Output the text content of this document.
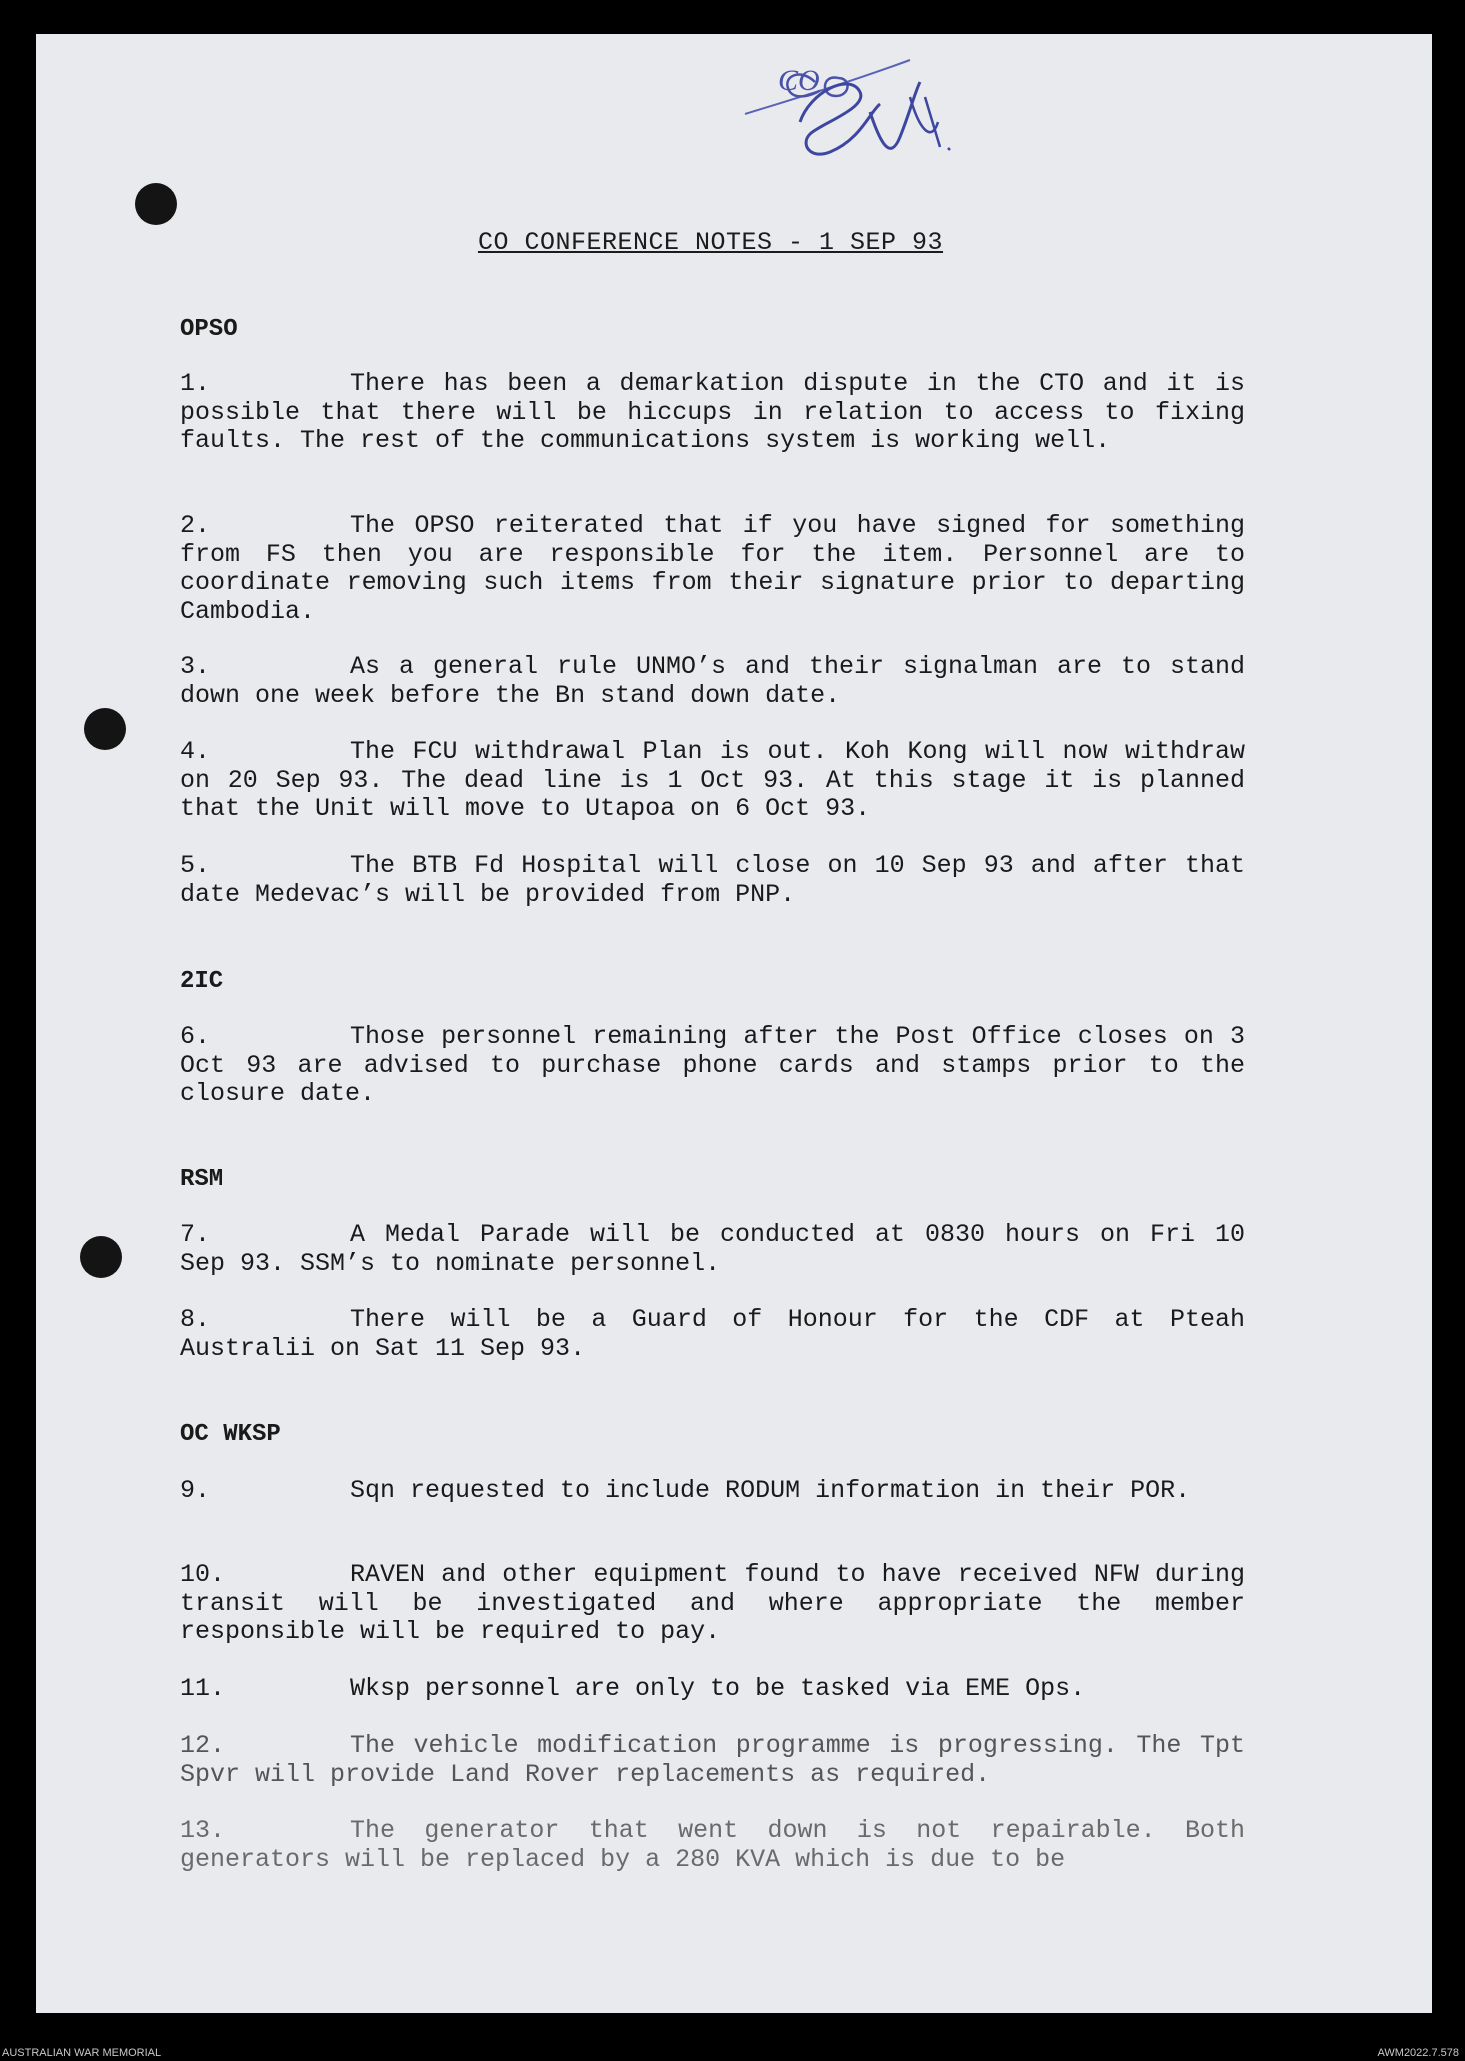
CO
CO CONFERENCE NOTES - 1 SEP 93
OPSO
1.	There has been a demarkation dispute in the CTO and it is possible that there will be hiccups in relation to access to fixing faults. The rest of the communications system is working well.
2.	The OPSO reiterated that if you have signed for something from FS then you are responsible for the item. Personnel are to coordinate removing such items from their signature prior to departing Cambodia.
3.	As a general rule UNMO’s and their signalman are to stand down one week before the Bn stand down date.
4.	The FCU withdrawal Plan is out. Koh Kong will now withdraw on 20 Sep 93. The dead line is 1 Oct 93. At this stage it is planned that the Unit will move to Utapoa on 6 Oct 93.
5.	The BTB Fd Hospital will close on 10 Sep 93 and after that date Medevac’s will be provided from PNP.
2IC
6.	Those personnel remaining after the Post Office closes on 3 Oct 93 are advised to purchase phone cards and stamps prior to the closure date.
RSM
7.	A Medal Parade will be conducted at 0830 hours on Fri 10 Sep 93. SSM’s to nominate personnel.
8.	There will be a Guard of Honour for the CDF at Pteah Australii on Sat 11 Sep 93.
OC WKSP
9.	Sqn requested to include RODUM information in their POR.
10.	RAVEN and other equipment found to have received NFW during transit will be investigated and where appropriate the member responsible will be required to pay.
11.	Wksp personnel are only to be tasked via EME Ops.
12.	The vehicle modification programme is progressing. The Tpt Spvr will provide Land Rover replacements as required.
13.	The generator that went down is not repairable. Both generators will be replaced by a 280 KVA which is due to be
AUSTRALIAN WAR MEMORIAL	AWM2022.7.578
